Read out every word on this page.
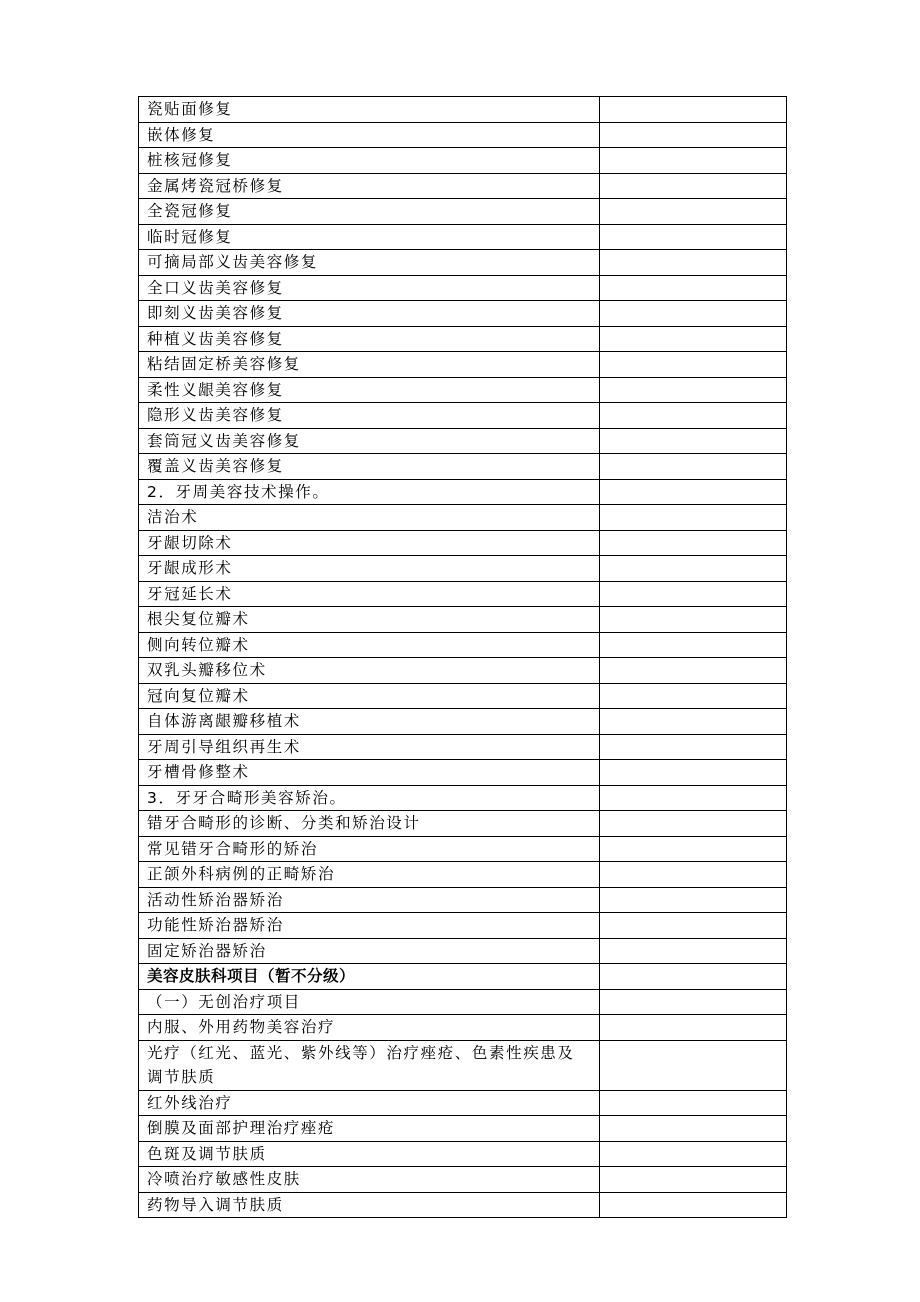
瓷贴面修复	
嵌体修复	
桩核冠修复	
金属烤瓷冠桥修复	
全瓷冠修复	
临时冠修复	
可摘局部义齿美容修复	
全口义齿美容修复	
即刻义齿美容修复	
种植义齿美容修复	
粘结固定桥美容修复	
柔性义龈美容修复	
隐形义齿美容修复	
套筒冠义齿美容修复	
覆盖义齿美容修复	
2．牙周美容技术操作。	
洁治术	
牙龈切除术	
牙龈成形术	
牙冠延长术	
根尖复位瓣术	
侧向转位瓣术	
双乳头瓣移位术	
冠向复位瓣术	
自体游离龈瓣移植术	
牙周引导组织再生术	
牙槽骨修整术	
3．牙牙合畸形美容矫治。	
错牙合畸形的诊断、分类和矫治设计	
常见错牙合畸形的矫治	
正颌外科病例的正畸矫治	
活动性矫治器矫治	
功能性矫治器矫治	
固定矫治器矫治	
美容皮肤科项目（暂不分级）	
（一）无创治疗项目	
内服、外用药物美容治疗	
光疗（红光、蓝光、紫外线等）治疗痤疮、色素性疾患及调节肤质	
红外线治疗	
倒膜及面部护理治疗痤疮	
色斑及调节肤质	
冷喷治疗敏感性皮肤	
药物导入调节肤质	
